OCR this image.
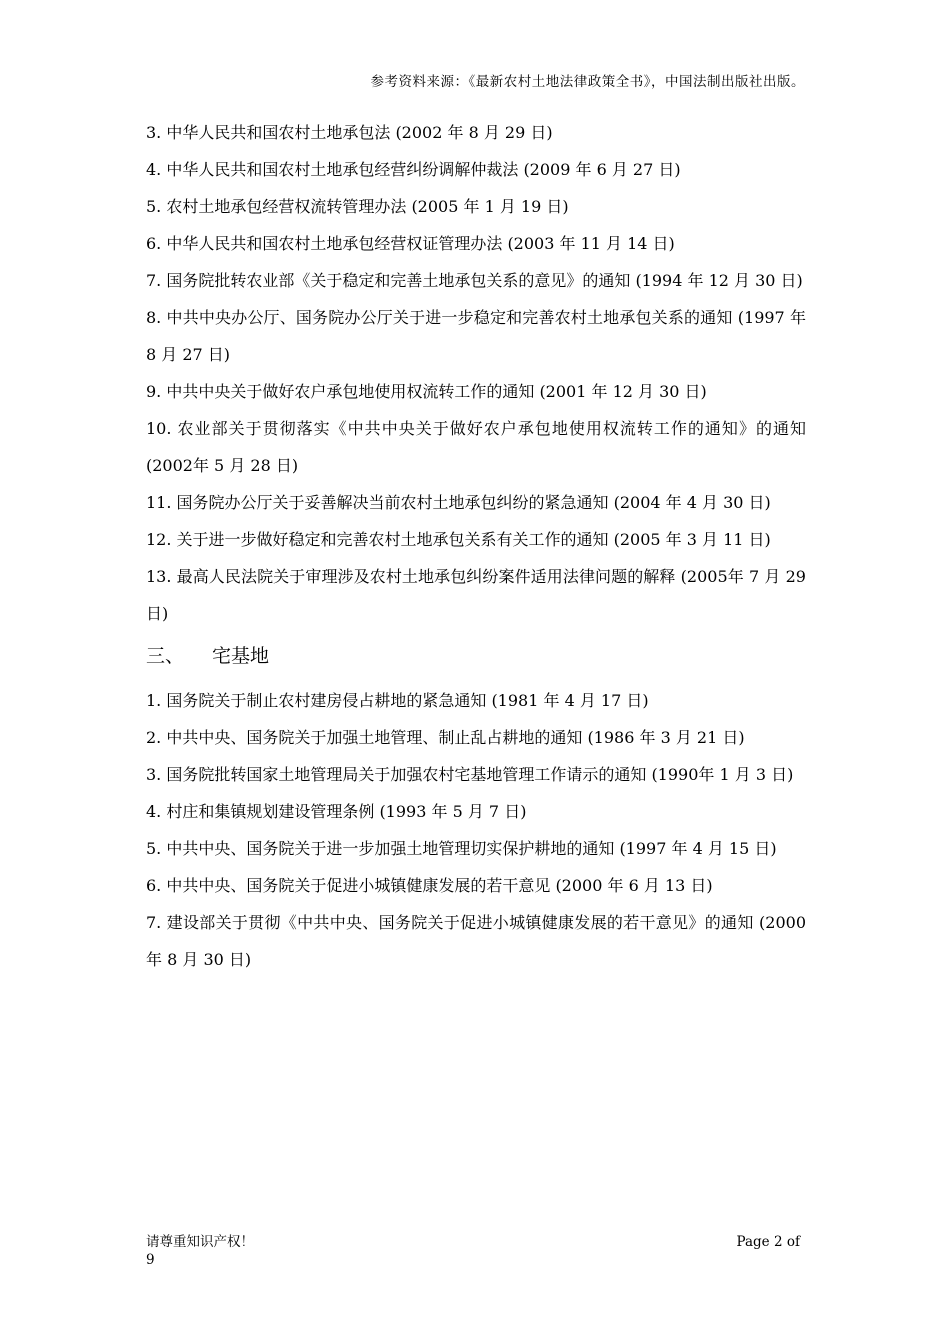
参考资料来源：《最新农村土地法律政策全书》，中国法制出版社出版。

3. 中华人民共和国农村土地承包法 (2002 年 8 月 29 日)

4. 中华人民共和国农村土地承包经营纠纷调解仲裁法 (2009 年 6 月 27 日)

5. 农村土地承包经营权流转管理办法 (2005 年 1 月 19 日)

6. 中华人民共和国农村土地承包经营权证管理办法 (2003 年 11 月 14 日)

7. 国务院批转农业部《关于稳定和完善土地承包关系的意见》的通知 (1994 年 12 月 30 日)

8. 中共中央办公厅、国务院办公厅关于进一步稳定和完善农村土地承包关系的通知 (1997 年 8 月 27 日)

9. 中共中央关于做好农户承包地使用权流转工作的通知 (2001 年 12 月 30 日)

10. 农业部关于贯彻落实《中共中央关于做好农户承包地使用权流转工作的通知》的通知 (2002年 5 月 28 日)

11. 国务院办公厅关于妥善解决当前农村土地承包纠纷的紧急通知 (2004 年 4 月 30 日)

12. 关于进一步做好稳定和完善农村土地承包关系有关工作的通知 (2005 年 3 月 11 日)

13. 最高人民法院关于审理涉及农村土地承包纠纷案件适用法律问题的解释 (2005年 7 月 29 日)

三、 宅基地

1. 国务院关于制止农村建房侵占耕地的紧急通知 (1981 年 4 月 17 日)

2. 中共中央、国务院关于加强土地管理、制止乱占耕地的通知 (1986 年 3 月 21 日)

3. 国务院批转国家土地管理局关于加强农村宅基地管理工作请示的通知 (1990年 1 月 3 日)

4. 村庄和集镇规划建设管理条例 (1993 年 5 月 7 日)

5. 中共中央、国务院关于进一步加强土地管理切实保护耕地的通知 (1997 年 4 月 15 日)

6. 中共中央、国务院关于促进小城镇健康发展的若干意见 (2000 年 6 月 13 日)

7. 建设部关于贯彻《中共中央、国务院关于促进小城镇健康发展的若干意见》的通知 (2000 年 8 月 30 日)

请尊重知识产权！
9
Page 2 of
